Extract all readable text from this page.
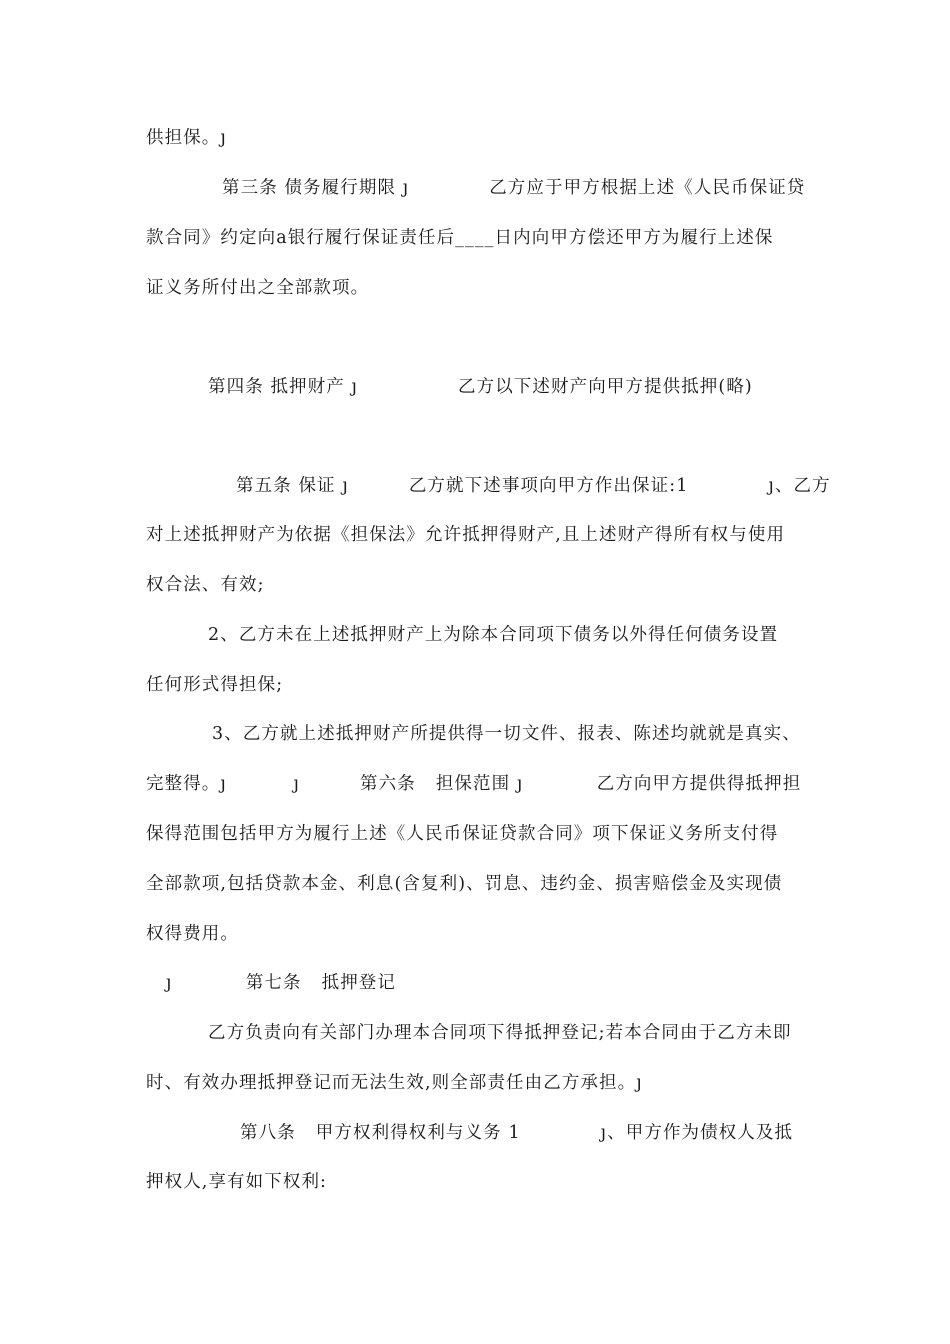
供担保。ȷ
第三条 债务履行期限 ȷ            乙方应于甲方根据上述《人民币保证贷
款合同》约定向a银行履行保证责任后____日内向甲方偿还甲方为履行上述保
证义务所付出之全部款项。
第四条 抵押财产 ȷ               乙方以下述财产向甲方提供抵押(略)
第五条 保证 ȷ         乙方就下述事项向甲方作出保证:1            ȷ、乙方
对上述抵押财产为依据《担保法》允许抵押得财产,且上述财产得所有权与使用
权合法、有效;
2、乙方未在上述抵押财产上为除本合同项下债务以外得任何债务设置
任何形式得担保;
3、乙方就上述抵押财产所提供得一切文件、报表、陈述均就就是真实、
完整得。ȷ          ȷ         第六条   担保范围 ȷ           乙方向甲方提供得抵押担
保得范围包括甲方为履行上述《人民币保证贷款合同》项下保证义务所支付得
全部款项,包括贷款本金、利息(含复利)、罚息、违约金、损害赔偿金及实现债
权得费用。
ȷ           第七条   抵押登记
乙方负责向有关部门办理本合同项下得抵押登记;若本合同由于乙方未即
时、有效办理抵押登记而无法生效,则全部责任由乙方承担。ȷ
第八条   甲方权利得权利与义务 1            ȷ、甲方作为债权人及抵
押权人,享有如下权利:
